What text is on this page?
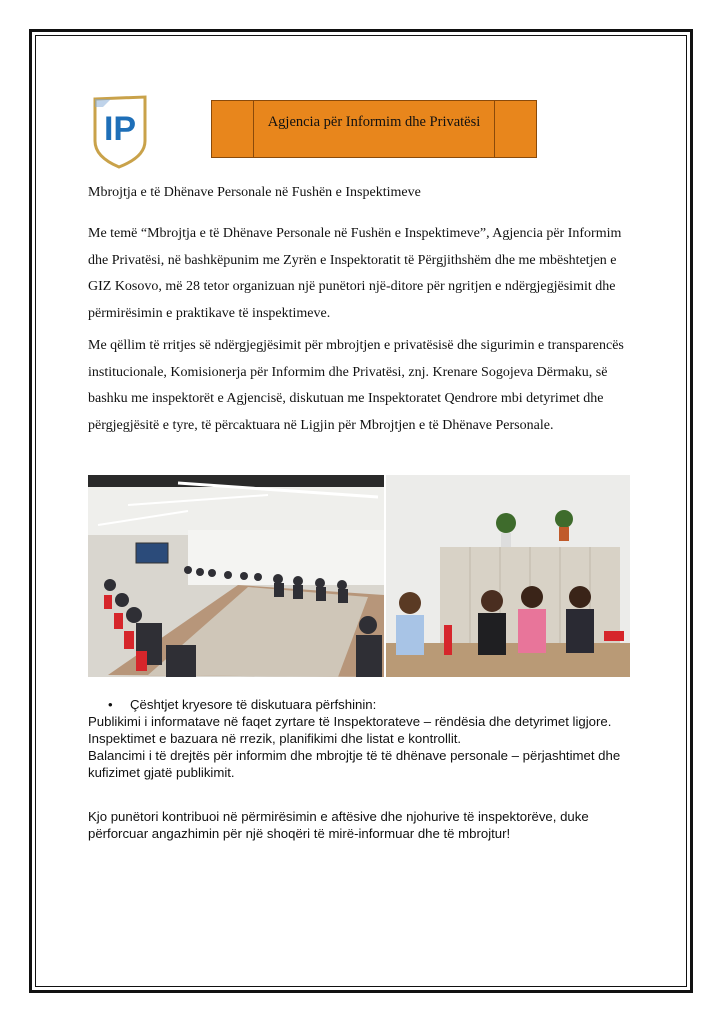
IP	Agjencia për Informim dhe Privatësi
Mbrojtja e të Dhënave Personale në Fushën e Inspektimeve
Me temë “Mbrojtja e të Dhënave Personale në Fushën e Inspektimeve”, Agjencia për Informim dhe Privatësi, në bashkëpunim me Zyrën e Inspektoratit të Përgjithshëm dhe me mbështetjen e GIZ Kosovo, më 28 tetor organizuan një punëtori një-ditore për ngritjen e ndërgjegjësimit dhe përmirësimin e praktikave të inspektimeve.
Me qëllim të rritjes së ndërgjegjësimit për mbrojtjen e privatësisë dhe sigurimin e transparencës institucionale, Komisionerja për Informim dhe Privatësi, znj. Krenare Sogojeva Dërmaku, së bashku me inspektorët e Agjencisë, diskutuan me Inspektoratet Qendrore mbi detyrimet dhe përgjegjësitë e tyre, të përcaktuara në Ligjin për Mbrojtjen e të Dhënave Personale.
•	Çështjet kryesore të diskutuara përfshinin:
Publikimi i informatave në faqet zyrtare të Inspektorateve – rëndësia dhe detyrimet ligjore.
Inspektimet e bazuara në rrezik, planifikimi dhe listat e kontrollit.
Balancimi i të drejtës për informim dhe mbrojtje të të dhënave personale – përjashtimet dhe kufizimet gjatë publikimit.
Kjo punëtori kontribuoi në përmirësimin e aftësive dhe njohurive të inspektorëve, duke përforcuar angazhimin për një shoqëri të mirë-informuar dhe të mbrojtur!
